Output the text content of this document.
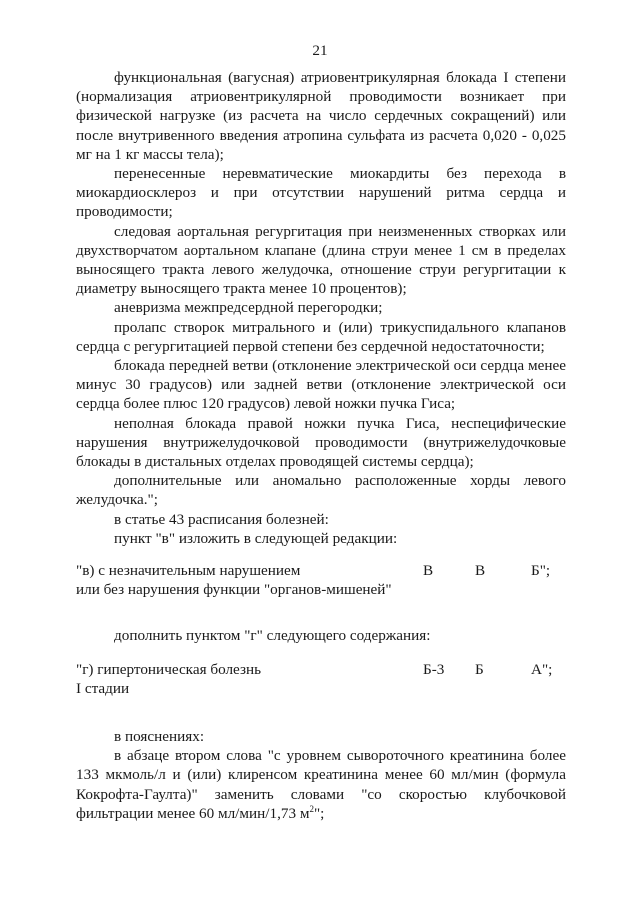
21

функциональная (вагусная) атриовентрикулярная блокада I степени (нормализация атриовентрикулярной проводимости возникает при физической нагрузке (из расчета на число сердечных сокращений) или после внутривенного введения атропина сульфата из расчета 0,020 - 0,025 мг на 1 кг массы тела);

перенесенные неревматические миокардиты без перехода в миокардиосклероз и при отсутствии нарушений ритма сердца и проводимости;

следовая аортальная регургитация при неизмененных створках или двухстворчатом аортальном клапане (длина струи менее 1 см в пределах выносящего тракта левого желудочка, отношение струи регургитации к диаметру выносящего тракта менее 10 процентов);

аневризма межпредсердной перегородки;

пролапс створок митрального и (или) трикуспидального клапанов сердца с регургитацией первой степени без сердечной недостаточности;

блокада передней ветви (отклонение электрической оси сердца менее минус 30 градусов) или задней ветви (отклонение электрической оси сердца более плюс 120 градусов) левой ножки пучка Гиса;

неполная блокада правой ножки пучка Гиса, неспецифические нарушения внутрижелудочковой проводимости (внутрижелудочковые блокады в дистальных отделах проводящей системы сердца);

дополнительные или аномально расположенные хорды левого желудочка.";

в статье 43 расписания болезней:

пункт "в" изложить в следующей редакции:

"в) с незначительным нарушением	В	В	Б";

или без нарушения функции "органов-мишеней"

дополнить пунктом "г" следующего содержания:

"г) гипертоническая болезнь	Б-3 Б	А";

I стадии

в пояснениях:

в абзаце втором слова "с уровнем сывороточного креатинина более 133 мкмоль/л и (или) клиренсом креатинина менее 60 мл/мин (формула Кокрофта-Гаулта)" заменить словами "со скоростью клубочковой фильтрации менее 60 мл/мин/1,73 $м^2$";
